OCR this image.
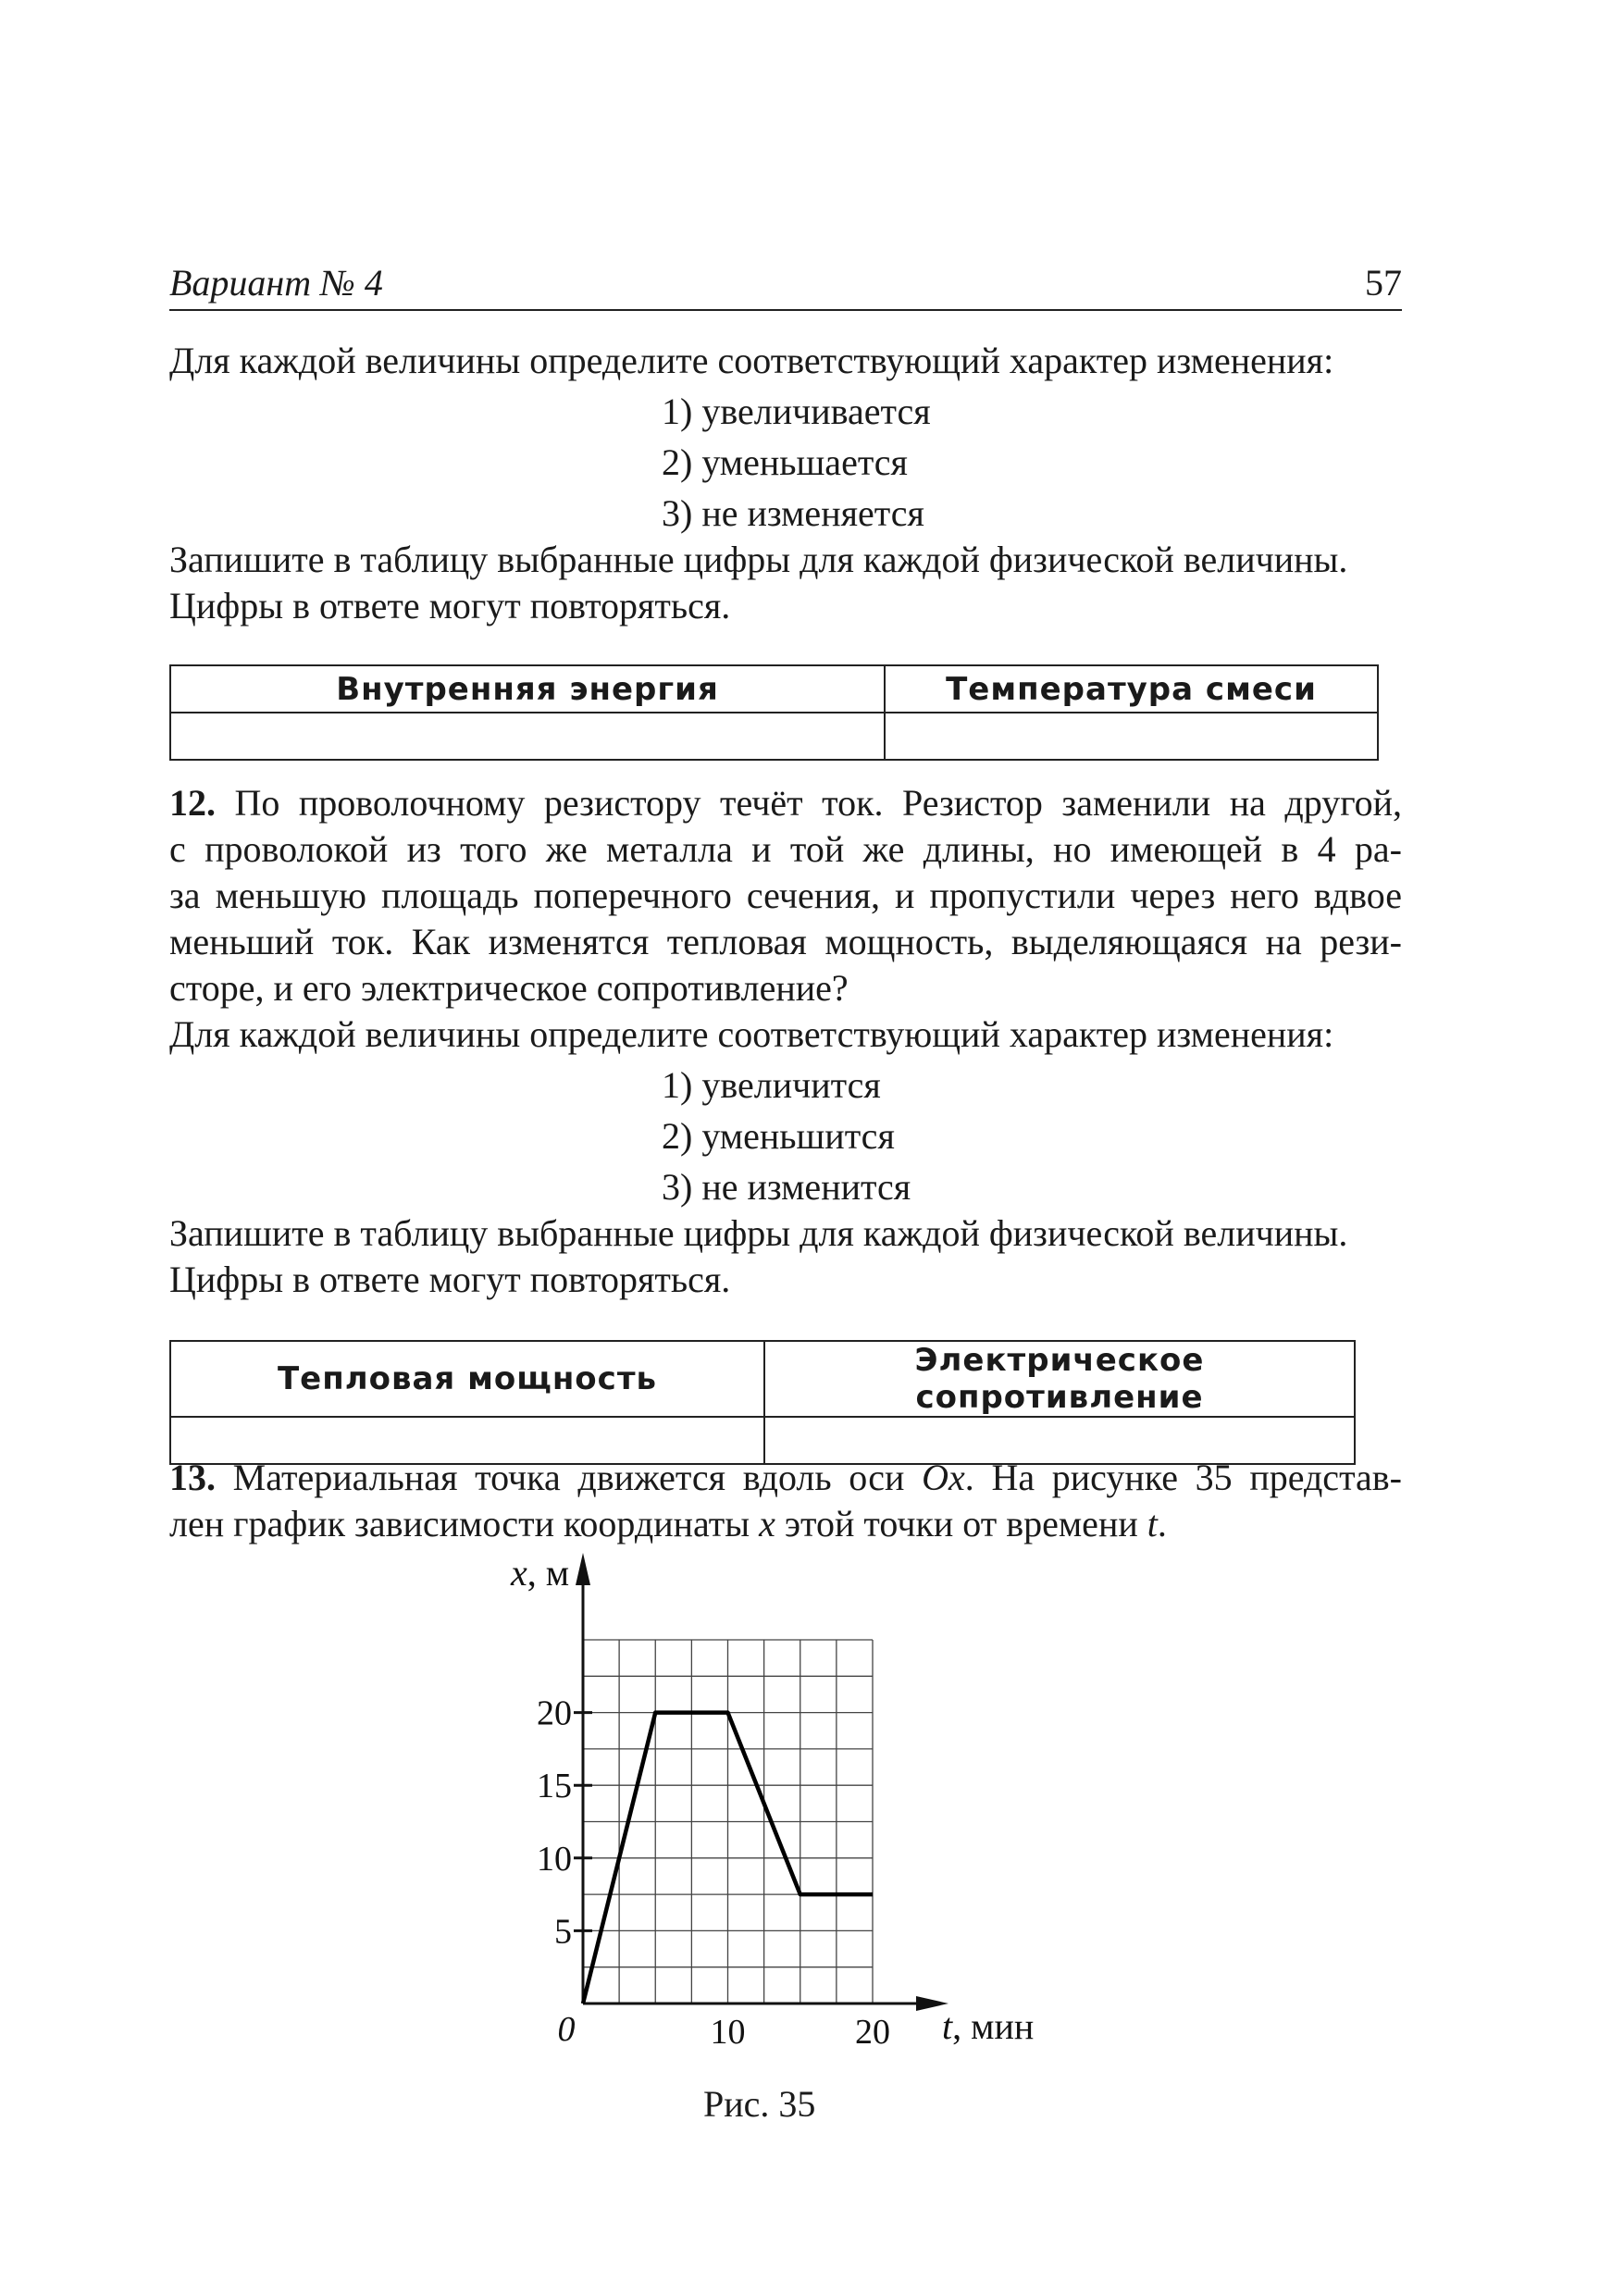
Вариант № 4	57
Для каждой величины определите соответствующий характер изменения:
1) увеличивается
2) уменьшается
3) не изменяется
Запишите в таблицу выбранные цифры для каждой физической величины.
Цифры в ответе могут повторяться.
Внутренняя энергия	Температура смеси

12. По проволочному резистору течёт ток. Резистор заменили на другой,
с проволокой из того же металла и той же длины, но имеющей в 4 ра-
за меньшую площадь поперечного сечения, и пропустили через него вдвое
меньший ток. Как изменятся тепловая мощность, выделяющаяся на рези-
сторе, и его электрическое сопротивление?
Для каждой величины определите соответствующий характер изменения:
1) увеличится
2) уменьшится
3) не изменится
Запишите в таблицу выбранные цифры для каждой физической величины.
Цифры в ответе могут повторяться.
Тепловая мощность	Электрическое сопротивление

13. Материальная точка движется вдоль оси Ox. На рисунке 35 представ-
лен график зависимости координаты x этой точки от времени t.
5
10
15
20
10	20
0	t, мин
x, м
Рис. 35
